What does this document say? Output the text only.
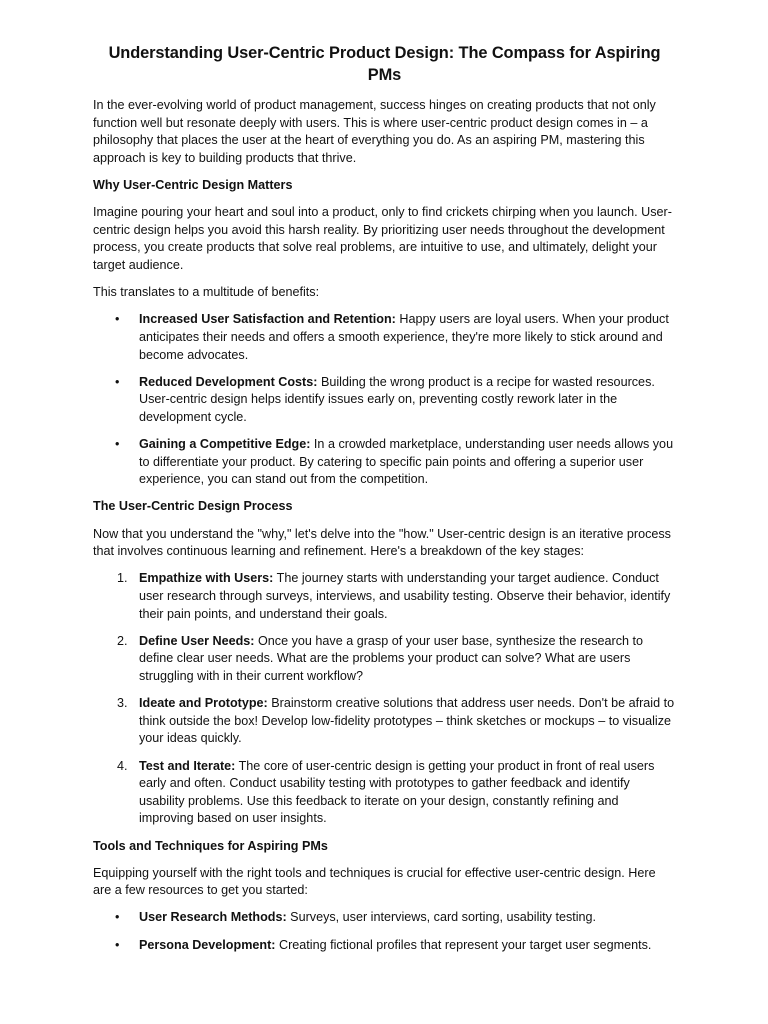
Understanding User-Centric Product Design: The Compass for Aspiring PMs

In the ever-evolving world of product management, success hinges on creating products that not only function well but resonate deeply with users. This is where user-centric product design comes in – a philosophy that places the user at the heart of everything you do. As an aspiring PM, mastering this approach is key to building products that thrive.

Why User-Centric Design Matters

Imagine pouring your heart and soul into a product, only to find crickets chirping when you launch. User-centric design helps you avoid this harsh reality. By prioritizing user needs throughout the development process, you create products that solve real problems, are intuitive to use, and ultimately, delight your target audience.

This translates to a multitude of benefits:

• Increased User Satisfaction and Retention: Happy users are loyal users. When your product anticipates their needs and offers a smooth experience, they're more likely to stick around and become advocates.
• Reduced Development Costs: Building the wrong product is a recipe for wasted resources. User-centric design helps identify issues early on, preventing costly rework later in the development cycle.
• Gaining a Competitive Edge: In a crowded marketplace, understanding user needs allows you to differentiate your product. By catering to specific pain points and offering a superior user experience, you can stand out from the competition.
The User-Centric Design Process

Now that you understand the "why," let's delve into the "how." User-centric design is an iterative process that involves continuous learning and refinement. Here's a breakdown of the key stages:

1. Empathize with Users: The journey starts with understanding your target audience. Conduct user research through surveys, interviews, and usability testing. Observe their behavior, identify their pain points, and understand their goals.
2. Define User Needs: Once you have a grasp of your user base, synthesize the research to define clear user needs. What are the problems your product can solve? What are users struggling with in their current workflow?
3. Ideate and Prototype: Brainstorm creative solutions that address user needs. Don't be afraid to think outside the box! Develop low-fidelity prototypes – think sketches or mockups – to visualize your ideas quickly.
4. Test and Iterate: The core of user-centric design is getting your product in front of real users early and often. Conduct usability testing with prototypes to gather feedback and identify usability problems. Use this feedback to iterate on your design, constantly refining and improving based on user insights.
Tools and Techniques for Aspiring PMs

Equipping yourself with the right tools and techniques is crucial for effective user-centric design. Here are a few resources to get you started:

• User Research Methods: Surveys, user interviews, card sorting, usability testing.
• Persona Development: Creating fictional profiles that represent your target user segments.
